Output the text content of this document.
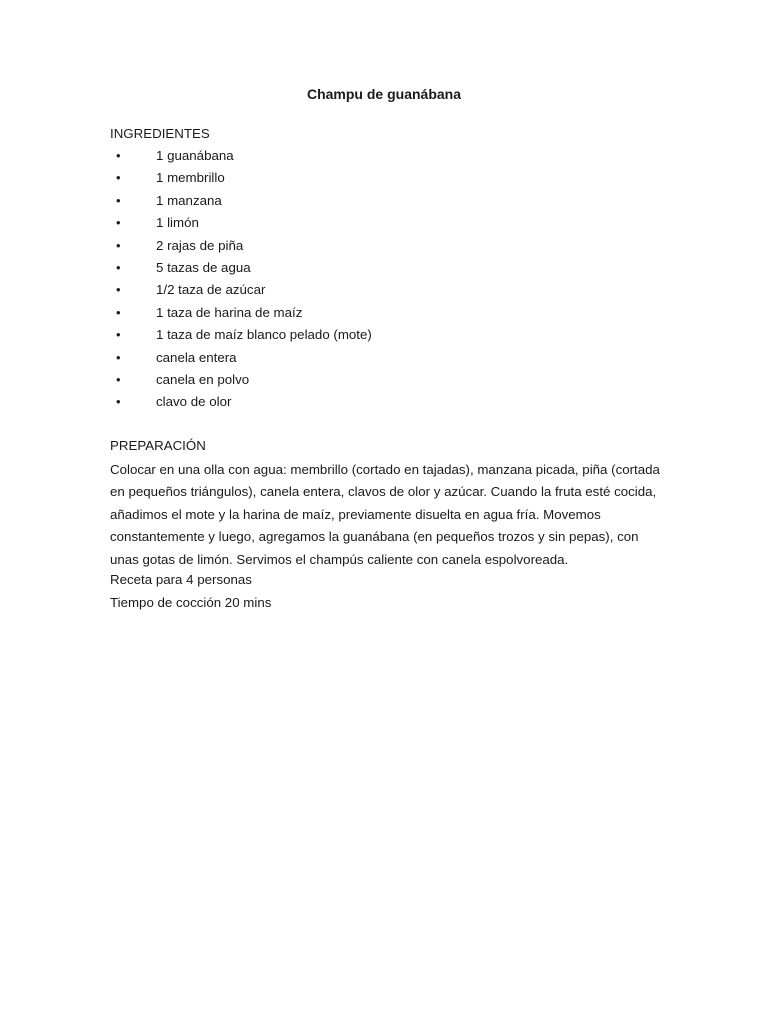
Champu de guanábana
INGREDIENTES
•	1 guanábana
•	1 membrillo
•	1 manzana
•	1 limón
•	2 rajas de piña
•	5 tazas de agua
•	1/2 taza de azúcar
•	1 taza de harina de maíz
•	1 taza de maíz blanco pelado (mote)
•	canela entera
•	canela en polvo
•	clavo de olor
PREPARACIÓN

Colocar en una olla con agua: membrillo (cortado en tajadas), manzana picada, piña (cortada en pequeños triángulos), canela entera, clavos de olor y azúcar. Cuando la fruta esté cocida, añadimos el mote y la harina de maíz, previamente disuelta en agua fría. Movemos constantemente y luego, agregamos la guanábana (en pequeños trozos y sin pepas), con unas gotas de limón. Servimos el champús caliente con canela espolvoreada.

Receta para 4 personas
Tiempo de cocción 20 mins
